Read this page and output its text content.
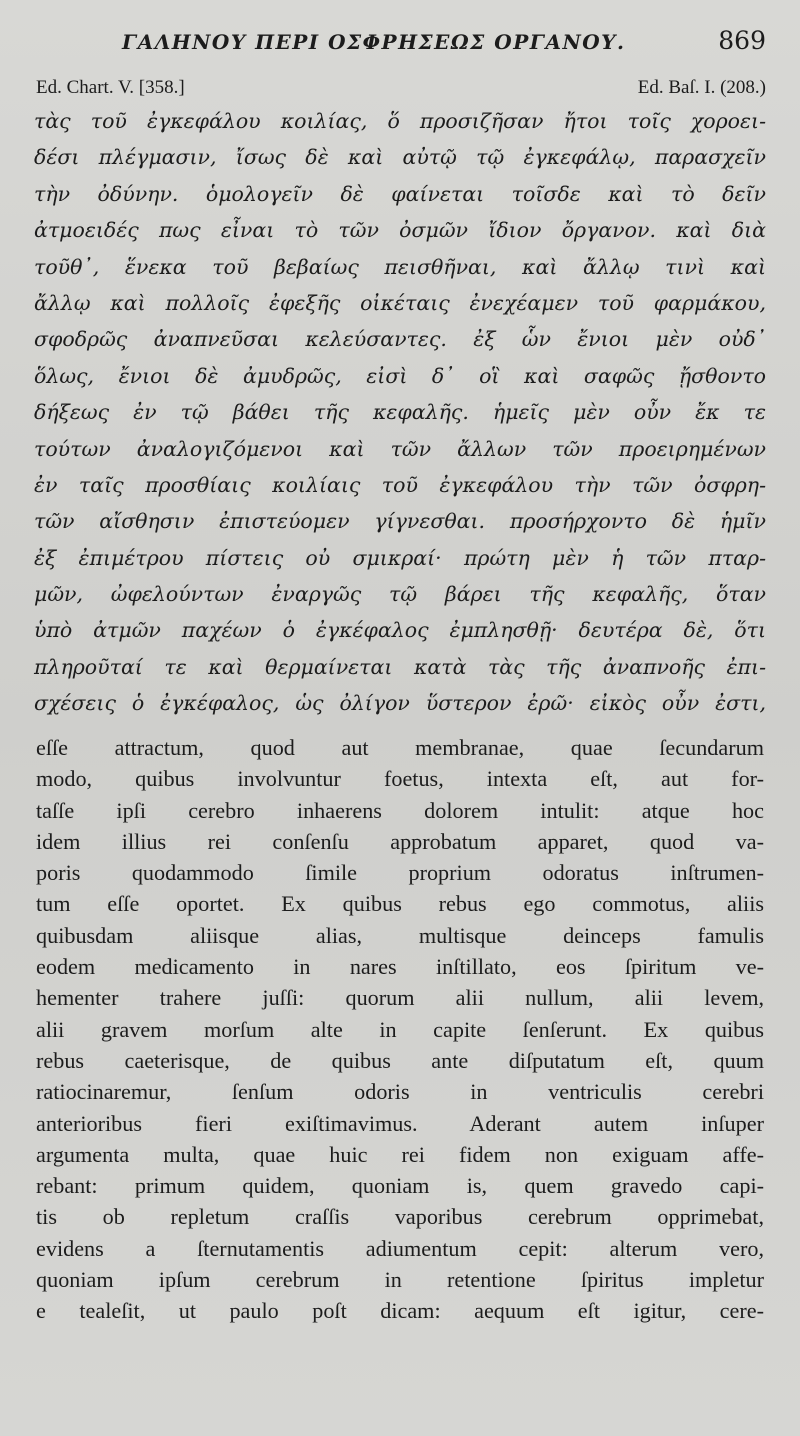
ΓΑΛΗΝΟΥ ΠΕΡΙ ΟΣΦΡΗΣΕΩΣ ΟΡΓΑΝΟΥ.	869
Ed. Chart. V. [358.]	Ed. Baſ. I. (208.)
τὰς τοῦ ἐγκεφάλου κοιλίας, ὅ προσιζῆσαν ἤτοι τοῖς χοροει-
δέσι πλέγμασιν, ἴσως δὲ καὶ αὐτῷ τῷ ἐγκεφάλῳ, παρασχεῖν
τὴν ὀδύνην. ὁμολογεῖν δὲ φαίνεται τοῖσδε καὶ τὸ δεῖν
ἀτμοειδές πως εἶναι τὸ τῶν ὀσμῶν ἴδιον ὄργανον. καὶ διὰ
τοῦθ᾽, ἕνεκα τοῦ βεβαίως πεισθῆναι, καὶ ἄλλῳ τινὶ καὶ
ἄλλῳ καὶ πολλοῖς ἐφεξῆς οἰκέταις ἐνεχέαμεν τοῦ φαρμάκου,
σφοδρῶς ἀναπνεῦσαι κελεύσαντες. ἐξ ὧν ἔνιοι μὲν οὐδ᾽
ὅλως, ἔνιοι δὲ ἀμυδρῶς, εἰσὶ δ᾽ οἳ καὶ σαφῶς ᾔσθοντο
δήξεως ἐν τῷ βάθει τῆς κεφαλῆς. ἡμεῖς μὲν οὖν ἔκ τε
τούτων ἀναλογιζόμενοι καὶ τῶν ἄλλων τῶν προειρημένων
ἐν ταῖς προσθίαις κοιλίαις τοῦ ἐγκεφάλου τὴν τῶν ὀσφρη-
τῶν αἴσθησιν ἐπιστεύομεν γίγνεσθαι. προσήρχοντο δὲ ἡμῖν
ἐξ ἐπιμέτρου πίστεις οὐ σμικραί· πρώτη μὲν ἡ τῶν πταρ-
μῶν, ὠφελούντων ἐναργῶς τῷ βάρει τῆς κεφαλῆς, ὅταν
ὑπὸ ἀτμῶν παχέων ὁ ἐγκέφαλος ἐμπλησθῇ· δευτέρα δὲ, ὅτι
πληροῦταί τε καὶ θερμαίνεται κατὰ τὰς τῆς ἀναπνοῆς ἐπι-
σχέσεις ὁ ἐγκέφαλος, ὡς ὀλίγον ὕστερον ἐρῶ· εἰκὸς οὖν ἐστι,
eſſe attractum, quod aut membranae, quae ſecundarum
modo, quibus involvuntur foetus, intexta eſt, aut for-
taſſe ipſi cerebro inhaerens dolorem intulit: atque hoc
idem illius rei conſenſu approbatum apparet, quod va-
poris quodammodo ſimile proprium odoratus inſtrumen-
tum eſſe oportet. Ex quibus rebus ego commotus, aliis
quibusdam aliisque alias, multisque deinceps famulis
eodem medicamento in nares inſtillato, eos ſpiritum ve-
hementer trahere juſſi: quorum alii nullum, alii levem,
alii gravem morſum alte in capite ſenſerunt. Ex quibus
rebus caeterisque, de quibus ante diſputatum eſt, quum
ratiocinaremur, ſenſum odoris in ventriculis cerebri
anterioribus fieri exiſtimavimus. Aderant autem inſuper
argumenta multa, quae huic rei fidem non exiguam affe-
rebant: primum quidem, quoniam is, quem gravedo capi-
tis ob repletum craſſis vaporibus cerebrum opprimebat,
evidens a ſternutamentis adiumentum cepit: alterum vero,
quoniam ipſum cerebrum in retentione ſpiritus impletur
e tealeſit, ut paulo poſt dicam: aequum eſt igitur, cere-
